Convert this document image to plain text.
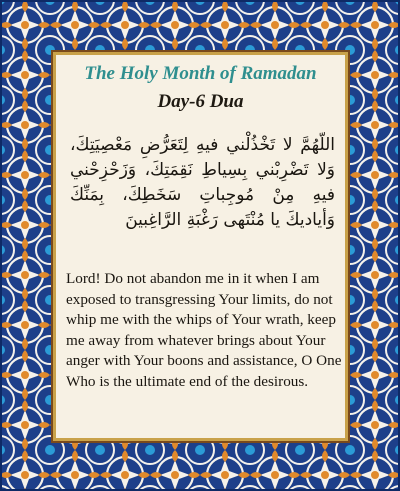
The Holy Month of Ramadan
Day-6 Dua

اللّهُمَّ لا تَخْذُلْني فيهِ لِتَعَرُّضِ مَعْصِيَتِكَ، وَلا تَضْرِبْني بِسِياطِ نَقِمَتِكَ، وَزَحْزِحْني فيهِ مِنْ مُوجِباتِ سَخَطِكَ، بِمَنِّكَ وَأياديكَ يا مُنْتَهى رَغْبَةِ الرَّاغِبينَ

Lord! Do not abandon me in it when I am exposed to transgressing Your limits, do not whip me with the whips of Your wrath, keep me away from whatever brings about Your anger with Your boons and assistance, O One Who is the ultimate end of the desirous.
